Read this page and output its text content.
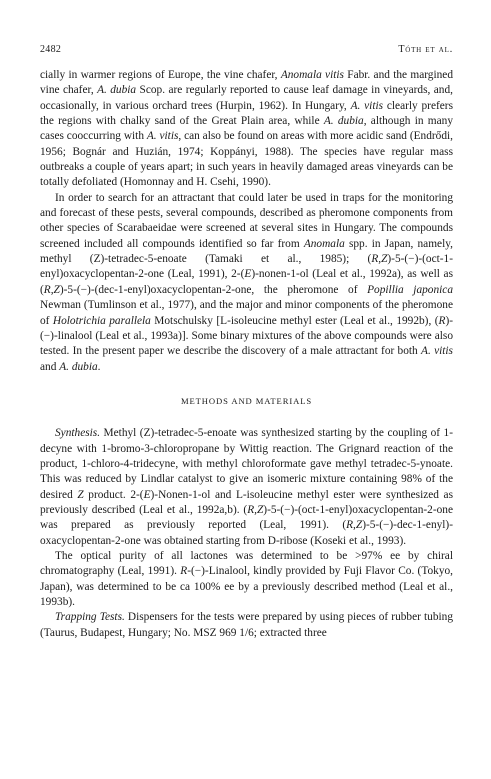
2482	Tóth et al.

cially in warmer regions of Europe, the vine chafer, Anomala vitis Fabr. and the margined vine chafer, A. dubia Scop. are regularly reported to cause leaf damage in vineyards, and, occasionally, in various orchard trees (Hurpin, 1962). In Hungary, A. vitis clearly prefers the regions with chalky sand of the Great Plain area, while A. dubia, although in many cases cooccurring with A. vitis, can also be found on areas with more acidic sand (Endrődi, 1956; Bognár and Huzián, 1974; Koppányi, 1988). The species have regular mass outbreaks a couple of years apart; in such years in heavily damaged areas vineyards can be totally defoliated (Homonnay and H. Csehi, 1990).

In order to search for an attractant that could later be used in traps for the monitoring and forecast of these pests, several compounds, described as pheromone components from other species of Scarabaeidae were screened at several sites in Hungary. The compounds screened included all compounds identified so far from Anomala spp. in Japan, namely, methyl (Z)-tetradec-5-enoate (Tamaki et al., 1985); (R,Z)-5-(−)-(oct-1-enyl)oxacyclopentan-2-one (Leal, 1991), 2-(E)-nonen-1-ol (Leal et al., 1992a), as well as (R,Z)-5-(−)-(dec-1-enyl)oxacyclopentan-2-one, the pheromone of Popillia japonica Newman (Tumlinson et al., 1977), and the major and minor components of the pheromone of Holotrichia parallela Motschulsky [L-isoleucine methyl ester (Leal et al., 1992b), (R)-(−)-linalool (Leal et al., 1993a)]. Some binary mixtures of the above compounds were also tested. In the present paper we describe the discovery of a male attractant for both A. vitis and A. dubia.

METHODS AND MATERIALS

Synthesis. Methyl (Z)-tetradec-5-enoate was synthesized starting by the coupling of 1-decyne with 1-bromo-3-chloropropane by Wittig reaction. The Grignard reaction of the product, 1-chloro-4-tridecyne, with methyl chloroformate gave methyl tetradec-5-ynoate. This was reduced by Lindlar catalyst to give an isomeric mixture containing 98% of the desired Z product. 2-(E)-Nonen-1-ol and L-isoleucine methyl ester were synthesized as previously described (Leal et al., 1992a,b). (R,Z)-5-(−)-(oct-1-enyl)oxacyclopentan-2-one was prepared as previously reported (Leal, 1991). (R,Z)-5-(−)-dec-1-enyl)-oxacyclopentan-2-one was obtained starting from D-ribose (Koseki et al., 1993).

The optical purity of all lactones was determined to be >97% ee by chiral chromatography (Leal, 1991). R-(−)-Linalool, kindly provided by Fuji Flavor Co. (Tokyo, Japan), was determined to be ca 100% ee by a previously described method (Leal et al., 1993b).

Trapping Tests. Dispensers for the tests were prepared by using pieces of rubber tubing (Taurus, Budapest, Hungary; No. MSZ 969 1/6; extracted three
